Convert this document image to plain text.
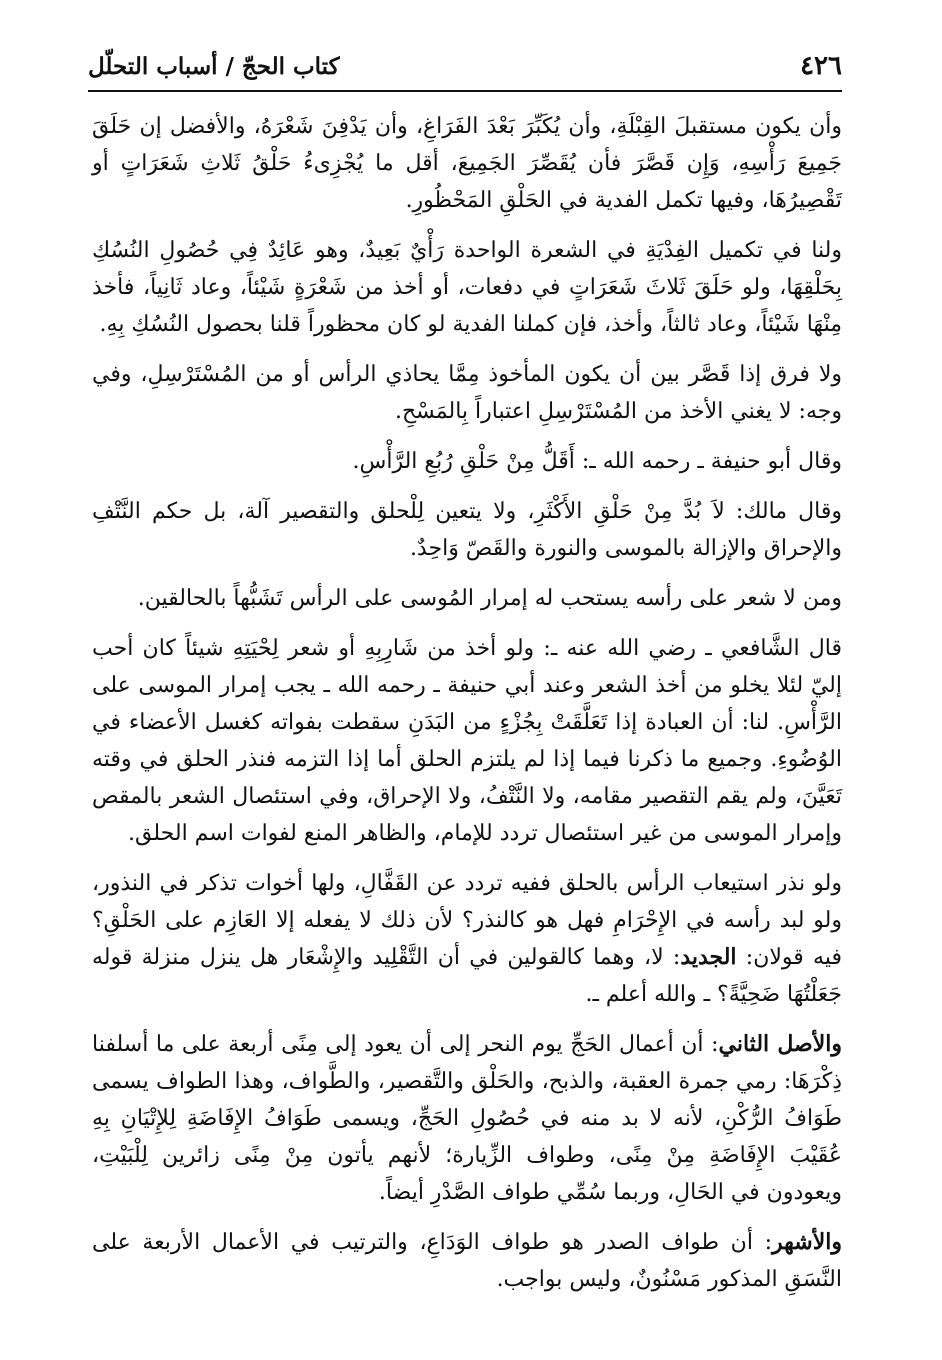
٤٢٦
كتاب الحجّ / أسباب التحلّل

وأن يكون مستقبلَ القِبْلَةِ، وأن يُكَبِّرَ بَعْدَ الفَرَاغِ، وأن يَدْفِنَ شَعْرَهُ، والأفضل إن حَلَقَ جَمِيعَ رَأْسِهِ، وَإِن قَصَّرَ فأن يُقَصِّرَ الجَمِيعَ، أقل ما يُجْزِىءُ حَلْقُ ثَلاثِ شَعَرَاتٍ أو تَقْصِيرُهَا، وفيها تكمل الفدية في الحَلْقِ المَحْظُورِ.

ولنا في تكميل الفِدْيَةِ في الشعرة الواحدة رَأْيٌ بَعِيدٌ، وهو عَائِدٌ فِي حُصُولِ النُسُكِ بِحَلْقِهَا، ولو حَلَقَ ثَلاثَ شَعَرَاتٍ في دفعات، أو أخذ من شَعْرَةٍ شَيْئاً، وعاد ثَانِياً، فأخذ مِنْهَا شَيْئاً، وعاد ثالثاً، وأخذ، فإن كملنا الفدية لو كان محظوراً قلنا بحصول النُسُكِ بِهِ.

ولا فرق إذا قَصَّر بين أن يكون المأخوذ مِمَّا يحاذي الرأس أو من المُسْتَرْسِلِ، وفي وجه: لا يغني الأخذ من المُسْتَرْسِلِ اعتباراً بِالمَسْحِ.

وقال أبو حنيفة ـ رحمه الله ـ: أَقَلُّ مِنْ حَلْقِ رُبُعِ الرَّأْسِ.

وقال مالك: لاَ بُدَّ مِنْ حَلْقِ الأَكْثَرِ، ولا يتعين لِلْحلق والتقصير آلة، بل حكم النَّتْفِ والإحراق والإزالة بالموسى والنورة والقَصّ وَاحِدٌ.

ومن لا شعر على رأسه يستحب له إمرار المُوسى على الرأس تَشَبُّهاً بالحالقين.

قال الشَّافعي ـ رضي الله عنه ـ: ولو أخذ من شَارِبِهِ أو شعر لِحْيَتِهِ شيئاً كان أحب إليّ لئلا يخلو من أخذ الشعر وعند أبي حنيفة ـ رحمه الله ـ يجب إمرار الموسى على الرَّأْسِ. لنا: أن العبادة إذا تَعَلَّقَتْ بِجُزْءٍ من البَدَنِ سقطت بفواته كغسل الأعضاء في الوُضُوءِ. وجميع ما ذكرنا فيما إذا لم يلتزم الحلق أما إذا التزمه فنذر الحلق في وقته تَعَيَّنَ، ولم يقم التقصير مقامه، ولا النَّتْفُ، ولا الإحراق، وفي استئصال الشعر بالمقص وإمرار الموسى من غير استئصال تردد للإمام، والظاهر المنع لفوات اسم الحلق.

ولو نذر استيعاب الرأس بالحلق ففيه تردد عن القَفَّالِ، ولها أخوات تذكر في النذور، ولو لبد رأسه في الإِحْرَامِ فهل هو كالنذر؟ لأن ذلك لا يفعله إلا العَازِم على الحَلْقِ؟ فيه قولان: الجديد: لا، وهما كالقولين في أن التَّقْلِيد والإِشْعَار هل ينزل منزلة قوله جَعَلْتُهَا ضَحِيَّةً؟ ـ والله أعلم ـ.

والأصل الثاني: أن أعمال الحَجِّ يوم النحر إلى أن يعود إلى مِنًى أربعة على ما أسلفنا ذِكْرَهَا: رمي جمرة العقبة، والذبح، والحَلْق والتَّقصير، والطَّواف، وهذا الطواف يسمى طَوَافُ الرُّكْنِ، لأنه لا بد منه في حُصُولِ الحَجِّ، ويسمى طَوَافُ الإِفَاضَةِ لِلإِتْيَانِ بِهِ عُقَيْبَ الإِفَاضَةِ مِنْ مِنًى، وطواف الزِّيارة؛ لأنهم يأتون مِنْ مِنًى زائرين لِلْبَيْتِ، ويعودون في الحَالِ، وربما سُمِّي طواف الصَّدْرِ أيضاً.

والأشهر: أن طواف الصدر هو طواف الوَدَاعِ، والترتيب في الأعمال الأربعة على النَّسَقِ المذكور مَسْنُونٌ، وليس بواجب.
